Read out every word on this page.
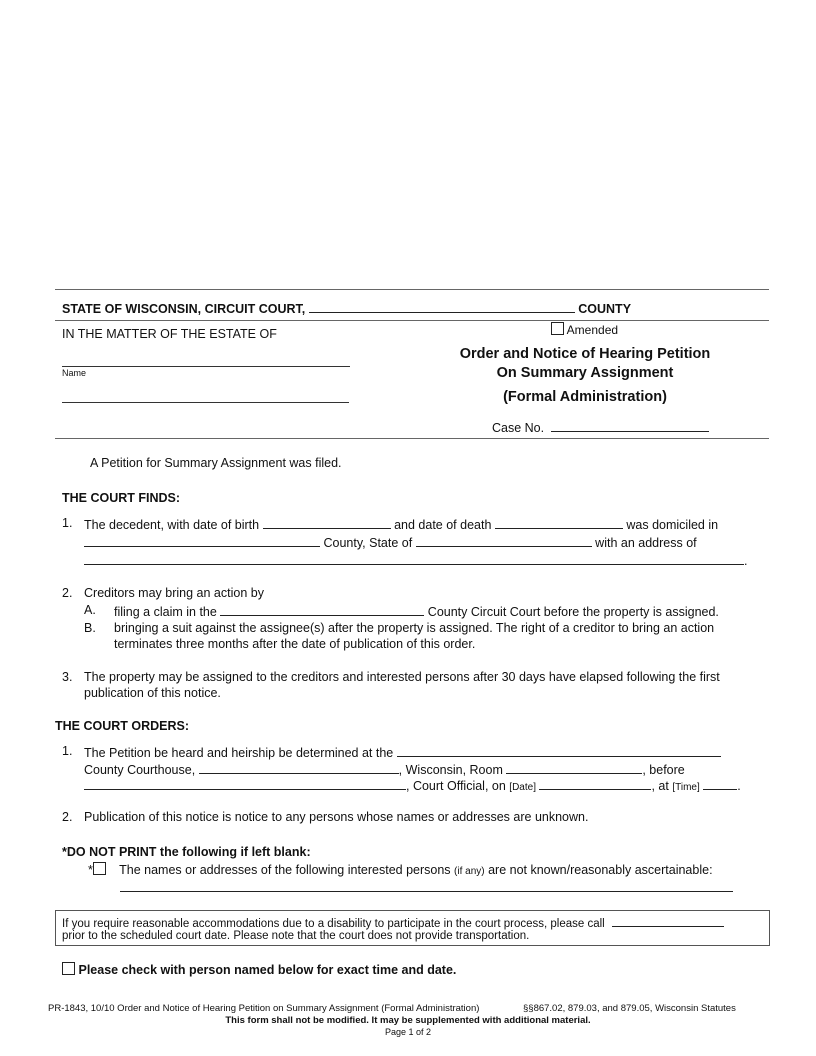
STATE OF WISCONSIN, CIRCUIT COURT,	COUNTY
IN THE MATTER OF THE ESTATE OF	Amended
Name
Order and Notice of Hearing Petition
On Summary Assignment
(Formal Administration)
Case No.
A Petition for Summary Assignment was filed.
THE COURT FINDS:
1. The decedent, with date of birth	and date of death	was domiciled in
County, State of	with an address of
.
2. Creditors may bring an action by
A. filing a claim in the	County Circuit Court before the property is assigned.
B. bringing a suit against the assignee(s) after the property is assigned. The right of a creditor to bring an action
terminates three months after the date of publication of this order.
3. The property may be assigned to the creditors and interested persons after 30 days have elapsed following the first
publication of this notice.
THE COURT ORDERS:
1. The Petition be heard and heirship be determined at the
County Courthouse,	, Wisconsin, Room	, before
, Court Official, on [Date]	, at [Time]	.
2. Publication of this notice is notice to any persons whose names or addresses are unknown.
*DO NOT PRINT the following if left blank:
* The names or addresses of the following interested persons (if any) are not known/reasonably ascertainable:
If you require reasonable accommodations due to a disability to participate in the court process, please call
prior to the scheduled court date. Please note that the court does not provide transportation.
Please check with person named below for exact time and date.
PR-1843, 10/10 Order and Notice of Hearing Petition on Summary Assignment (Formal Administration)	§§867.02, 879.03, and 879.05, Wisconsin Statutes
This form shall not be modified. It may be supplemented with additional material.
Page 1 of 2
